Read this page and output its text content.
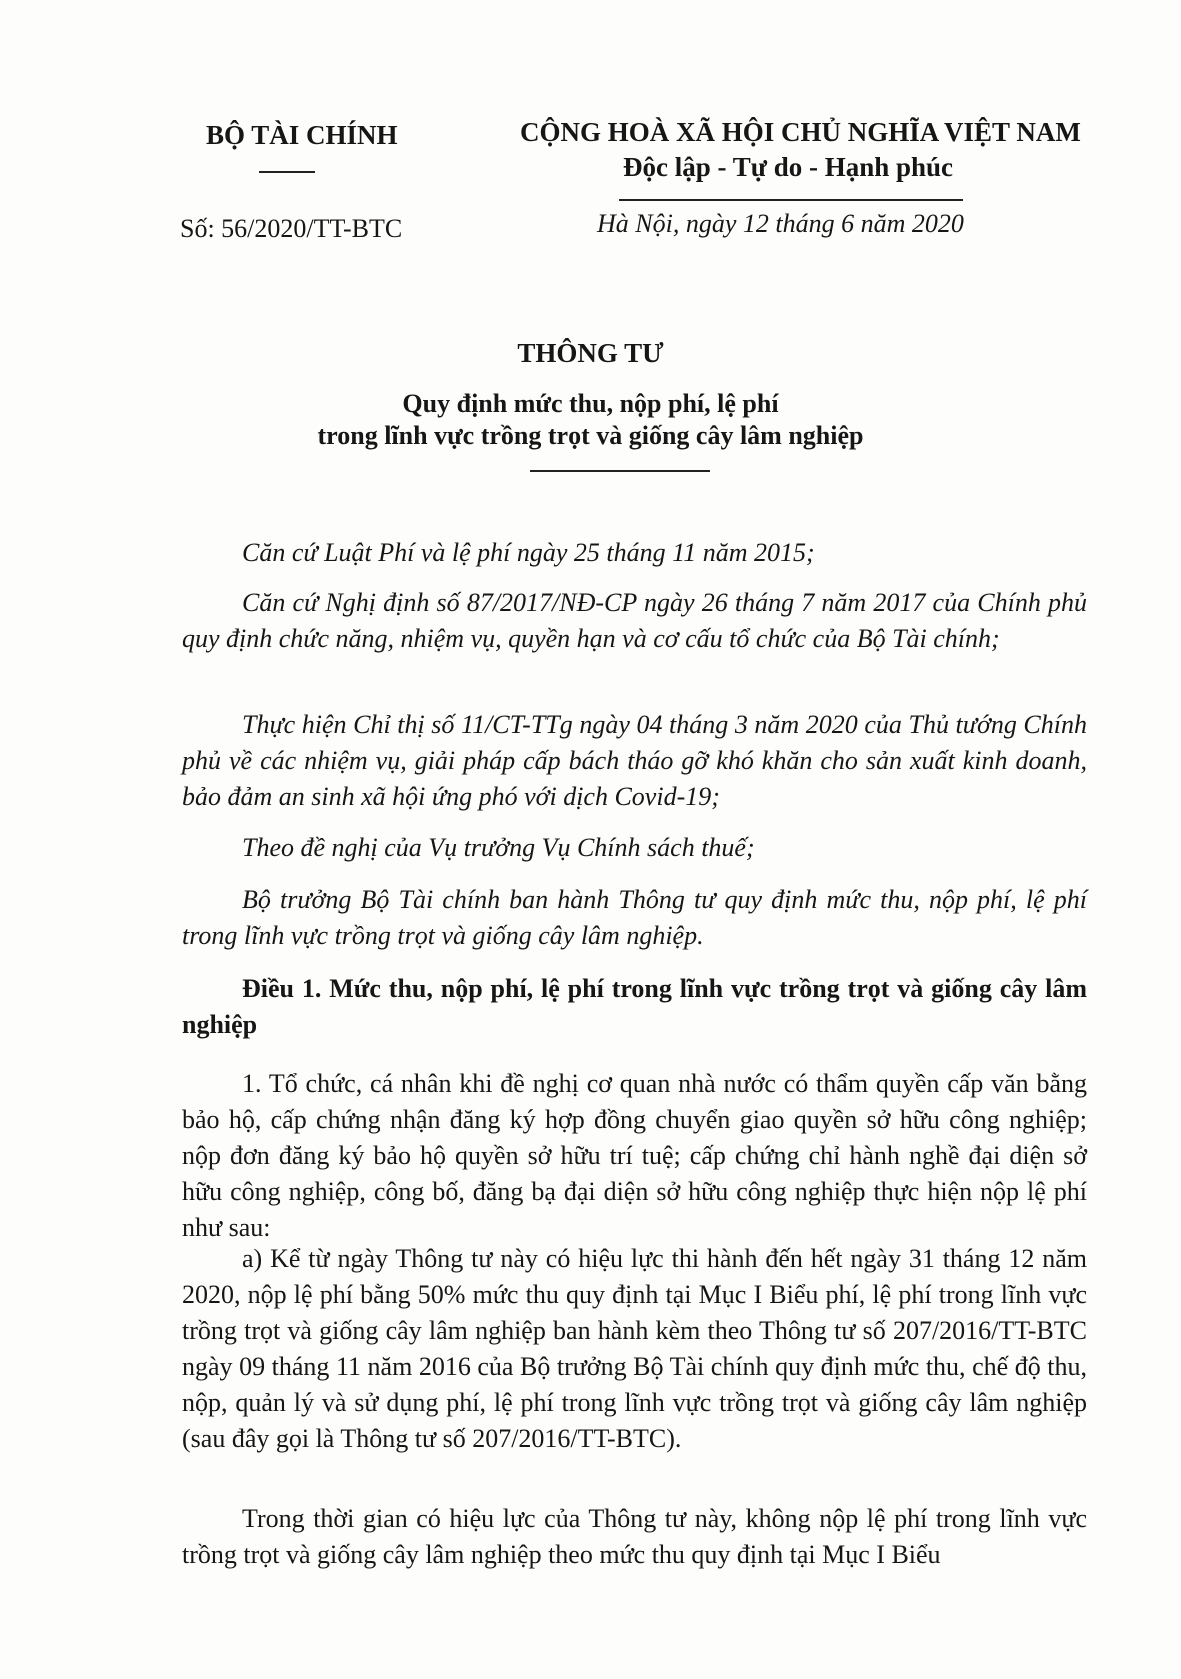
BỘ TÀI CHÍNH
Số: 56/2020/TT-BTC
CỘNG HOÀ XÃ HỘI CHỦ NGHĨA VIỆT NAM
Độc lập - Tự do - Hạnh phúc
Hà Nội, ngày 12 tháng 6 năm 2020
THÔNG TƯ
Quy định mức thu, nộp phí, lệ phí
trong lĩnh vực trồng trọt và giống cây lâm nghiệp

Căn cứ Luật Phí và lệ phí ngày 25 tháng 11 năm 2015;

Căn cứ Nghị định số 87/2017/NĐ-CP ngày 26 tháng 7 năm 2017 của Chính phủ quy định chức năng, nhiệm vụ, quyền hạn và cơ cấu tổ chức của Bộ Tài chính;

Thực hiện Chỉ thị số 11/CT-TTg ngày 04 tháng 3 năm 2020 của Thủ tướng Chính phủ về các nhiệm vụ, giải pháp cấp bách tháo gỡ khó khăn cho sản xuất kinh doanh, bảo đảm an sinh xã hội ứng phó với dịch Covid-19;

Theo đề nghị của Vụ trưởng Vụ Chính sách thuế;

Bộ trưởng Bộ Tài chính ban hành Thông tư quy định mức thu, nộp phí, lệ phí trong lĩnh vực trồng trọt và giống cây lâm nghiệp.

Điều 1. Mức thu, nộp phí, lệ phí trong lĩnh vực trồng trọt và giống cây lâm nghiệp

1. Tổ chức, cá nhân khi đề nghị cơ quan nhà nước có thẩm quyền cấp văn bằng bảo hộ, cấp chứng nhận đăng ký hợp đồng chuyển giao quyền sở hữu công nghiệp; nộp đơn đăng ký bảo hộ quyền sở hữu trí tuệ; cấp chứng chỉ hành nghề đại diện sở hữu công nghiệp, công bố, đăng bạ đại diện sở hữu công nghiệp thực hiện nộp lệ phí như sau:

a) Kể từ ngày Thông tư này có hiệu lực thi hành đến hết ngày 31 tháng 12 năm 2020, nộp lệ phí bằng 50% mức thu quy định tại Mục I Biểu phí, lệ phí trong lĩnh vực trồng trọt và giống cây lâm nghiệp ban hành kèm theo Thông tư số 207/2016/TT-BTC ngày 09 tháng 11 năm 2016 của Bộ trưởng Bộ Tài chính quy định mức thu, chế độ thu, nộp, quản lý và sử dụng phí, lệ phí trong lĩnh vực trồng trọt và giống cây lâm nghiệp (sau đây gọi là Thông tư số 207/2016/TT-BTC).

Trong thời gian có hiệu lực của Thông tư này, không nộp lệ phí trong lĩnh vực trồng trọt và giống cây lâm nghiệp theo mức thu quy định tại Mục I Biểu
